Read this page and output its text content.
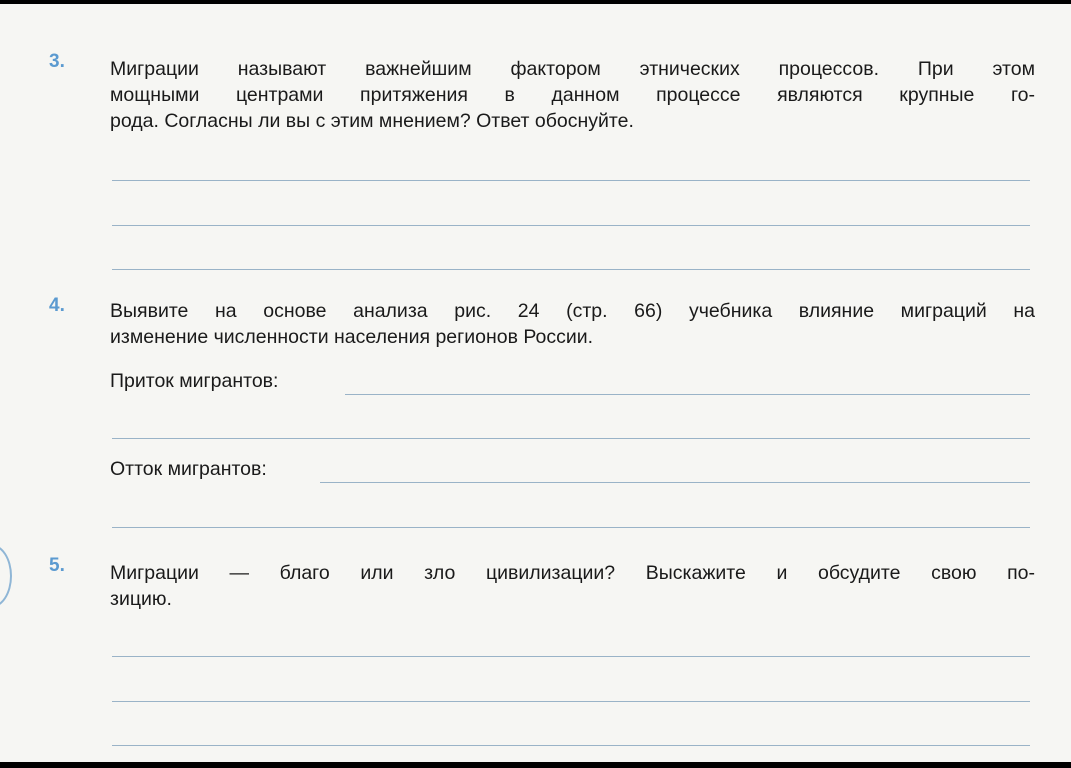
3. Миграции называют важнейшим фактором этнических процессов. При этом
мощными центрами притяжения в данном процессе являются крупные го-
рода. Согласны ли вы с этим мнением? Ответ обоснуйте.
4. Выявите на основе анализа рис. 24 (стр. 66) учебника влияние миграций на
изменение численности населения регионов России.
Приток мигрантов:
Отток мигрантов:
5. Миграции — благо или зло цивилизации? Выскажите и обсудите свою по-
зицию.
